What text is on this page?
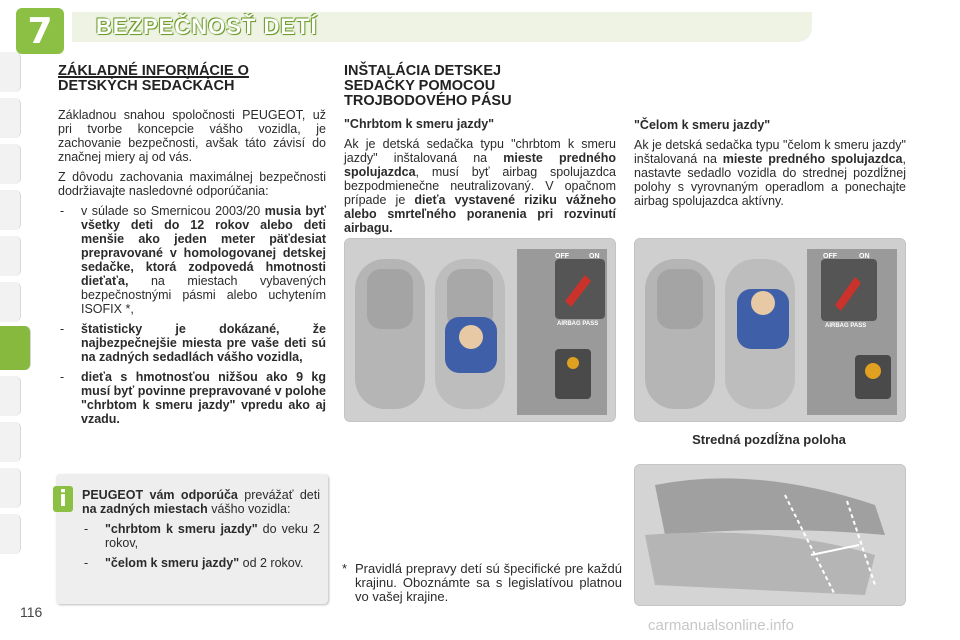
7 BEZPEČNOSŤ DETÍ
ZÁKLADNÉ INFORMÁCIE O
DETSKÝCH SEDAČKÁCH

Základnou snahou spoločnosti PEUGEOT, už pri tvorbe koncepcie vášho vozidla, je zachovanie bezpečnosti, avšak táto závisí do značnej miery aj od vás.

Z dôvodu zachovania maximálnej bezpečnosti dodržiavajte nasledovné odporúčania:

- v súlade so Smernicou 2003/20 musia byť všetky deti do 12 rokov alebo deti menšie ako jeden meter päťdesiat prepravované v homologovanej detskej sedačke, ktorá zodpovedá hmotnosti dieťaťa, na miestach vybavených bezpečnostnými pásmi alebo uchytením ISOFIX *,
- štatisticky je dokázané, že najbezpečnejšie miesta pre vaše deti sú na zadných sedadlách vášho vozidla,
- dieťa s hmotnosťou nižšou ako 9 kg musí byť povinne prepravované v polohe "chrbtom k smeru jazdy" vpredu ako aj vzadu.
i	PEUGEOT vám odporúča prevážať deti na zadných miestach vášho vozidla:

- "chrbtom k smeru jazdy" do veku 2 rokov,
- "čelom k smeru jazdy" od 2 rokov.
INŠTALÁCIA DETSKEJ
SEDAČKY POMOCOU
TROJBODOVÉHO PÁSU

"Chrbtom k smeru jazdy"

Ak je detská sedačka typu "chrbtom k smeru jazdy" inštalovaná na mieste predného spolujazdca, musí byť airbag spolujazdca bezpodmienečne neutralizovaný. V opačnom prípade je dieťa vystavené riziku vážneho alebo smrteľného poranenia pri rozvinutí airbagu.

"Čelom k smeru jazdy"

Ak je detská sedačka typu "čelom k smeru jazdy" inštalovaná na mieste predného spolujazdca, nastavte sedadlo vozidla do strednej pozdĺžnej polohy s vyrovnaným operadlom a ponechajte airbag spolujazdca aktívny.

OFF	ON
AIRBAG PASS
OFF	ON
AIRBAG PASS
Stredná pozdĺžna poloha
* Pravidlá prepravy detí sú špecifické pre každú krajinu. Oboznámte sa s legislatívou platnou vo vašej krajine.
116
carmanualsonline.info
